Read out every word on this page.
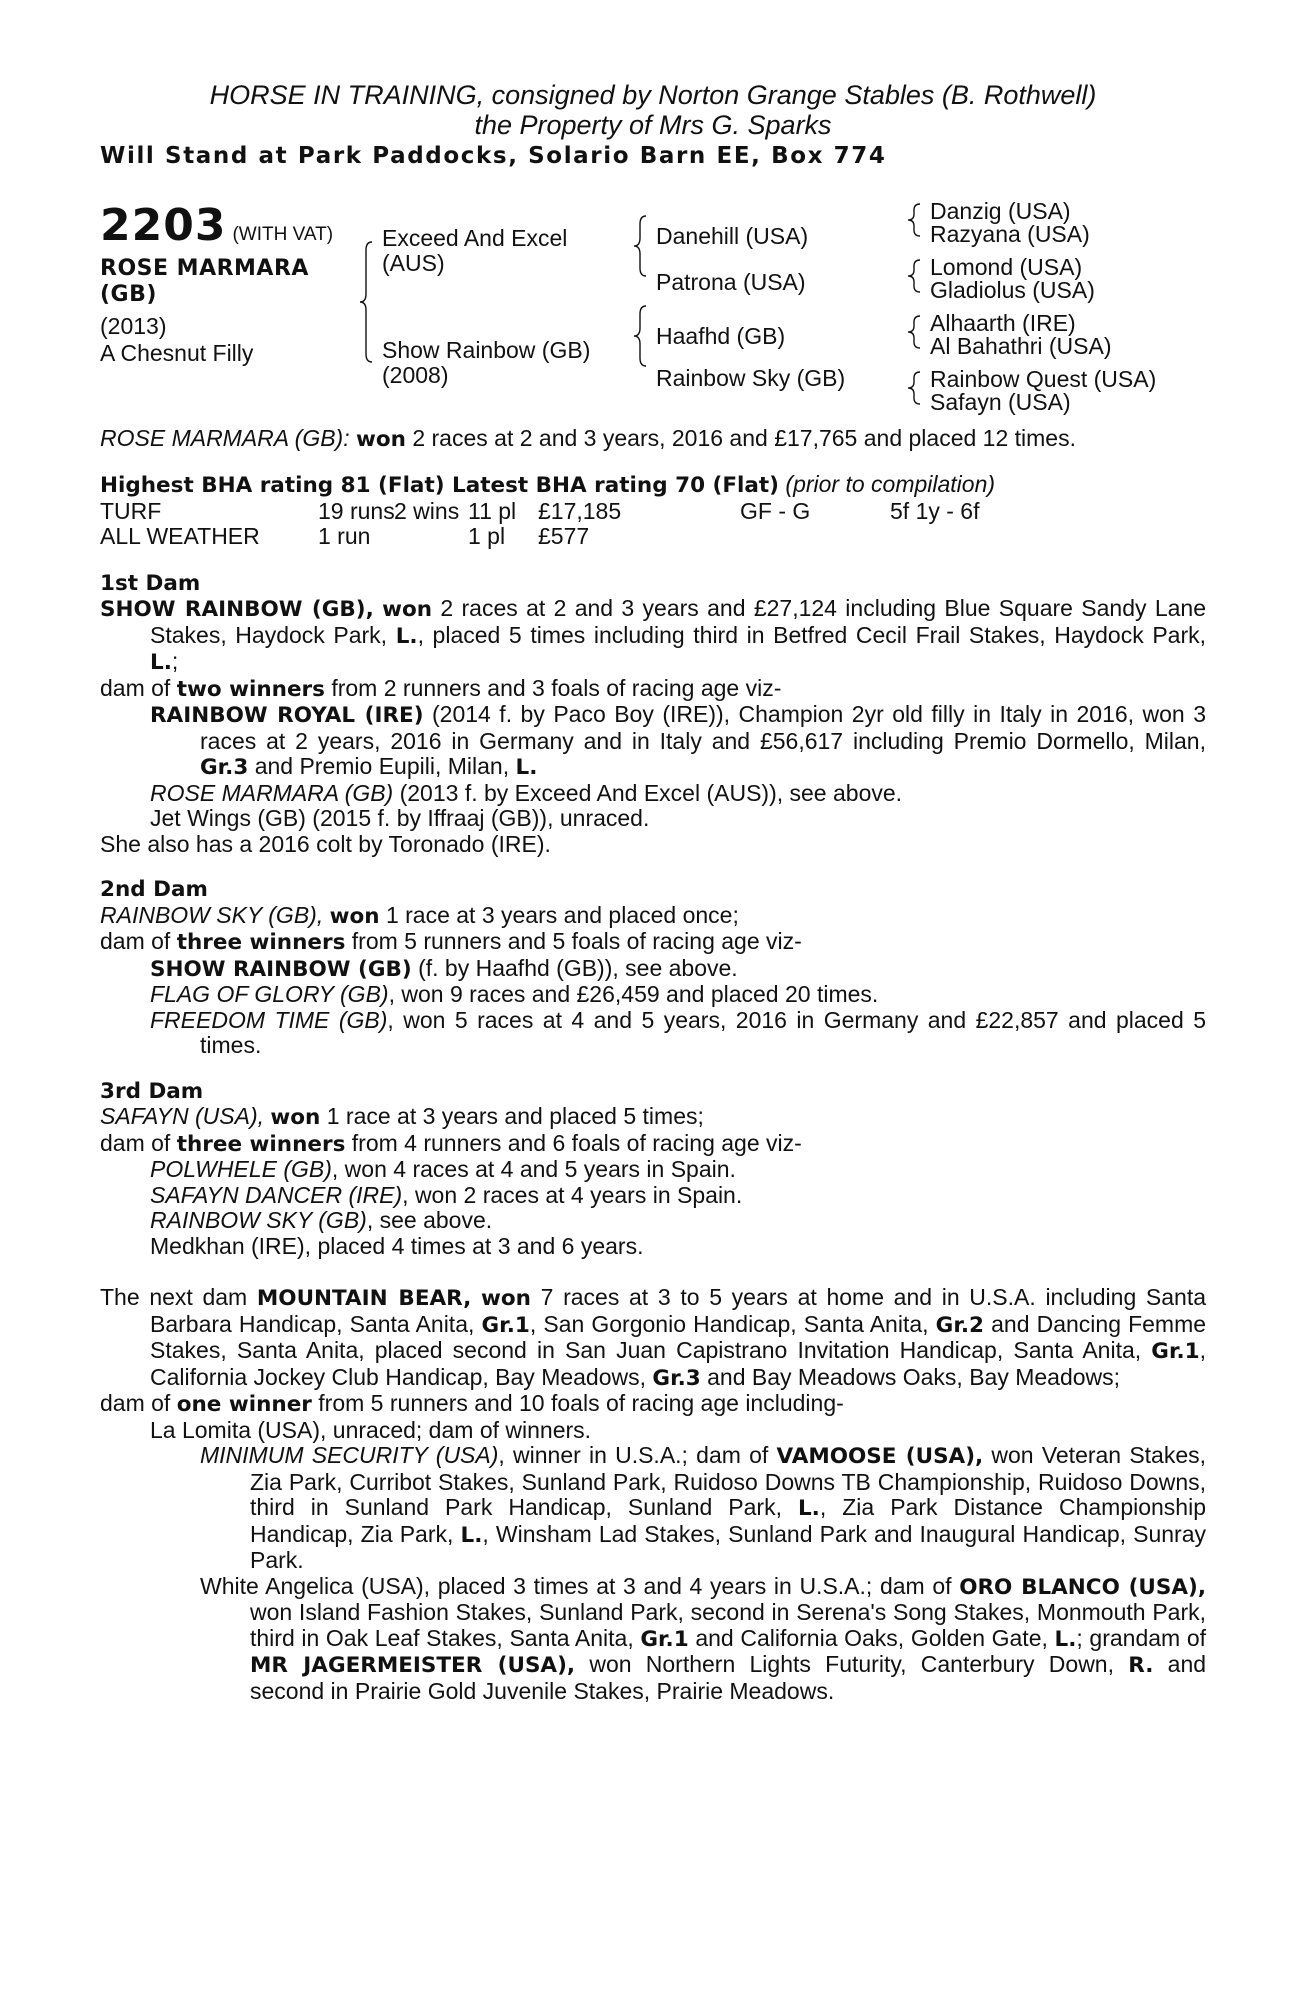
HORSE IN TRAINING, consigned by Norton Grange Stables (B. Rothwell)
the Property of Mrs G. Sparks
Will Stand at Park Paddocks, Solario Barn EE, Box 774
2203 (WITH VAT)
ROSE MARMARA (GB)
(2013)
A Chesnut Filly
Exceed And Excel (AUS)
Show Rainbow (GB) (2008)
Danehill (USA)
Patrona (USA)
Haafhd (GB)
Rainbow Sky (GB)
Danzig (USA)
Razyana (USA)
Lomond (USA)
Gladiolus (USA)
Alhaarth (IRE)
Al Bahathri (USA)
Rainbow Quest (USA)
Safayn (USA)
ROSE MARMARA (GB): won 2 races at 2 and 3 years, 2016 and £17,765 and placed 12 times.
Highest BHA rating 81 (Flat) Latest BHA rating 70 (Flat) (prior to compilation)
TURF	19 runs 2 wins 11 pl £17,185	GF - G	5f 1y - 6f
ALL WEATHER	1 run	1 pl £577
1st Dam
SHOW RAINBOW (GB), won 2 races at 2 and 3 years and £27,124 including Blue Square Sandy Lane Stakes, Haydock Park, L., placed 5 times including third in Betfred Cecil Frail Stakes, Haydock Park, L.;
dam of two winners from 2 runners and 3 foals of racing age viz-
RAINBOW ROYAL (IRE) (2014 f. by Paco Boy (IRE)), Champion 2yr old filly in Italy in 2016, won 3 races at 2 years, 2016 in Germany and in Italy and £56,617 including Premio Dormello, Milan, Gr.3 and Premio Eupili, Milan, L.
ROSE MARMARA (GB) (2013 f. by Exceed And Excel (AUS)), see above.
Jet Wings (GB) (2015 f. by Iffraaj (GB)), unraced.
She also has a 2016 colt by Toronado (IRE).
2nd Dam
RAINBOW SKY (GB), won 1 race at 3 years and placed once;
dam of three winners from 5 runners and 5 foals of racing age viz-
SHOW RAINBOW (GB) (f. by Haafhd (GB)), see above.
FLAG OF GLORY (GB), won 9 races and £26,459 and placed 20 times.
FREEDOM TIME (GB), won 5 races at 4 and 5 years, 2016 in Germany and £22,857 and placed 5 times.
3rd Dam
SAFAYN (USA), won 1 race at 3 years and placed 5 times;
dam of three winners from 4 runners and 6 foals of racing age viz-
POLWHELE (GB), won 4 races at 4 and 5 years in Spain.
SAFAYN DANCER (IRE), won 2 races at 4 years in Spain.
RAINBOW SKY (GB), see above.
Medkhan (IRE), placed 4 times at 3 and 6 years.
The next dam MOUNTAIN BEAR, won 7 races at 3 to 5 years at home and in U.S.A. including Santa Barbara Handicap, Santa Anita, Gr.1, San Gorgonio Handicap, Santa Anita, Gr.2 and Dancing Femme Stakes, Santa Anita, placed second in San Juan Capistrano Invitation Handicap, Santa Anita, Gr.1, California Jockey Club Handicap, Bay Meadows, Gr.3 and Bay Meadows Oaks, Bay Meadows;
dam of one winner from 5 runners and 10 foals of racing age including-
La Lomita (USA), unraced; dam of winners.
MINIMUM SECURITY (USA), winner in U.S.A.; dam of VAMOOSE (USA), won Veteran Stakes, Zia Park, Curribot Stakes, Sunland Park, Ruidoso Downs TB Championship, Ruidoso Downs, third in Sunland Park Handicap, Sunland Park, L., Zia Park Distance Championship Handicap, Zia Park, L., Winsham Lad Stakes, Sunland Park and Inaugural Handicap, Sunray Park.
White Angelica (USA), placed 3 times at 3 and 4 years in U.S.A.; dam of ORO BLANCO (USA), won Island Fashion Stakes, Sunland Park, second in Serena's Song Stakes, Monmouth Park, third in Oak Leaf Stakes, Santa Anita, Gr.1 and California Oaks, Golden Gate, L.; grandam of MR JAGERMEISTER (USA), won Northern Lights Futurity, Canterbury Down, R. and second in Prairie Gold Juvenile Stakes, Prairie Meadows.
